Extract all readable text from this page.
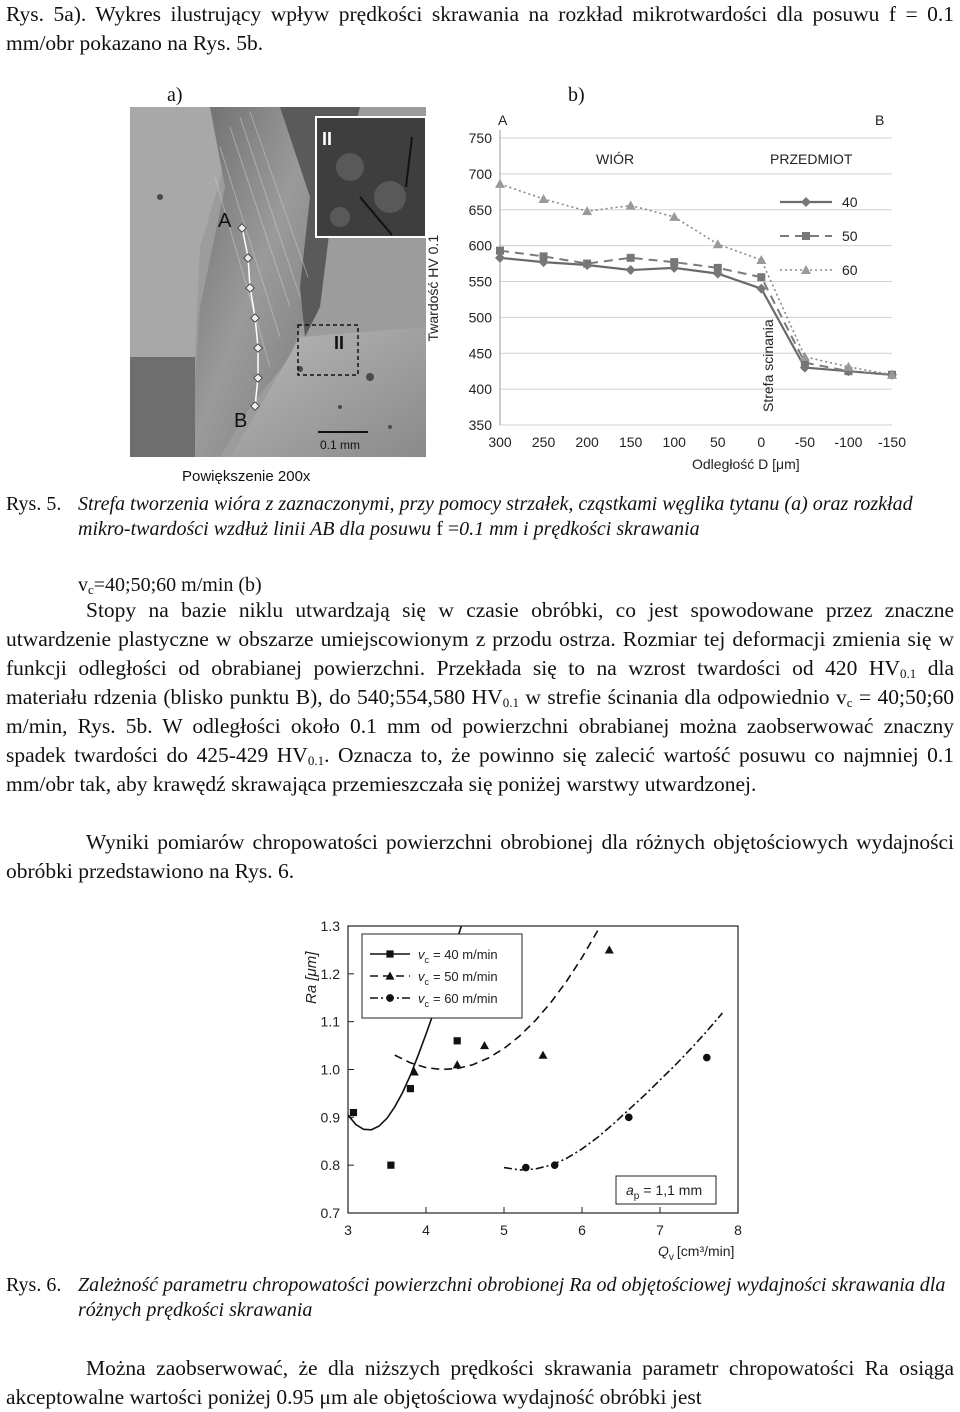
Rys. 5a). Wykres ilustrujący wpływ prędkości skrawania na rozkład mikrotwardości dla posuwu f = 0.1 mm/obr pokazano na Rys. 5b.
a)	b)
II
II
A
B
0.1 mm
Powiększenie 200x
350
400
450
500
550
600
650
700
750
300 250 200 150 100 50 0 -50 -100 -150
Twardość HV 0.1
Odległość D [μm]
A	B
WIÓR	PRZEDMIOT
Strefa scinania
40
50
60
Rys. 5. Strefa tworzenia wióra z zaznaczonymi, przy pomocy strzałek, cząstkami węglika tytanu (a) oraz rozkład mikro-twardości wzdłuż linii AB dla posuwu f =0.1 mm i prędkości skrawania
$v_c=40;50;60$ m/min (b)
Stopy na bazie niklu utwardzają się w czasie obróbki, co jest spowodowane przez znaczne utwardzenie plastyczne w obszarze umiejscowionym z przodu ostrza. Rozmiar tej deformacji zmienia się w funkcji odległości od obrabianej powierzchni. Przekłada się to na wzrost twardości od 420 $HV_{0.1}$ dla materiału rdzenia (blisko punktu B), do 540;554,580 $HV_{0.1}$ w strefie ścinania dla odpowiednio $v_c$ = 40;50;60 m/min, Rys. 5b. W odległości około 0.1 mm od powierzchni obrabianej można zaobserwować znaczny spadek twardości do 425-429 $HV_{0.1}$. Oznacza to, że powinno się zalecić wartość posuwu co najmniej 0.1 mm/obr tak, aby krawędź skrawająca przemieszczała się poniżej warstwy utwardzonej.
Wyniki pomiarów chropowatości powierzchni obrobionej dla różnych objętościowych wydajności obróbki przedstawiono na Rys. 6.
0.7
0.8
0.9
1.0
1.1
1.2
1.3
3	4	5	6	7	8
Ra [μm]
$Q_v$ [cm³/min]
$v_c = 40$ m/min
$v_c = 50$ m/min
$v_c = 60$ m/min
$a_p = 1,1$ mm
Rys. 6. Zależność parametru chropowatości powierzchni obrobionej Ra od objętościowej wydajności skrawania dla różnych prędkości skrawania
Można zaobserwować, że dla niższych prędkości skrawania parametr chropowatości Ra osiąga akceptowalne wartości poniżej 0.95 μm ale objętościowa wydajność obróbki jest
